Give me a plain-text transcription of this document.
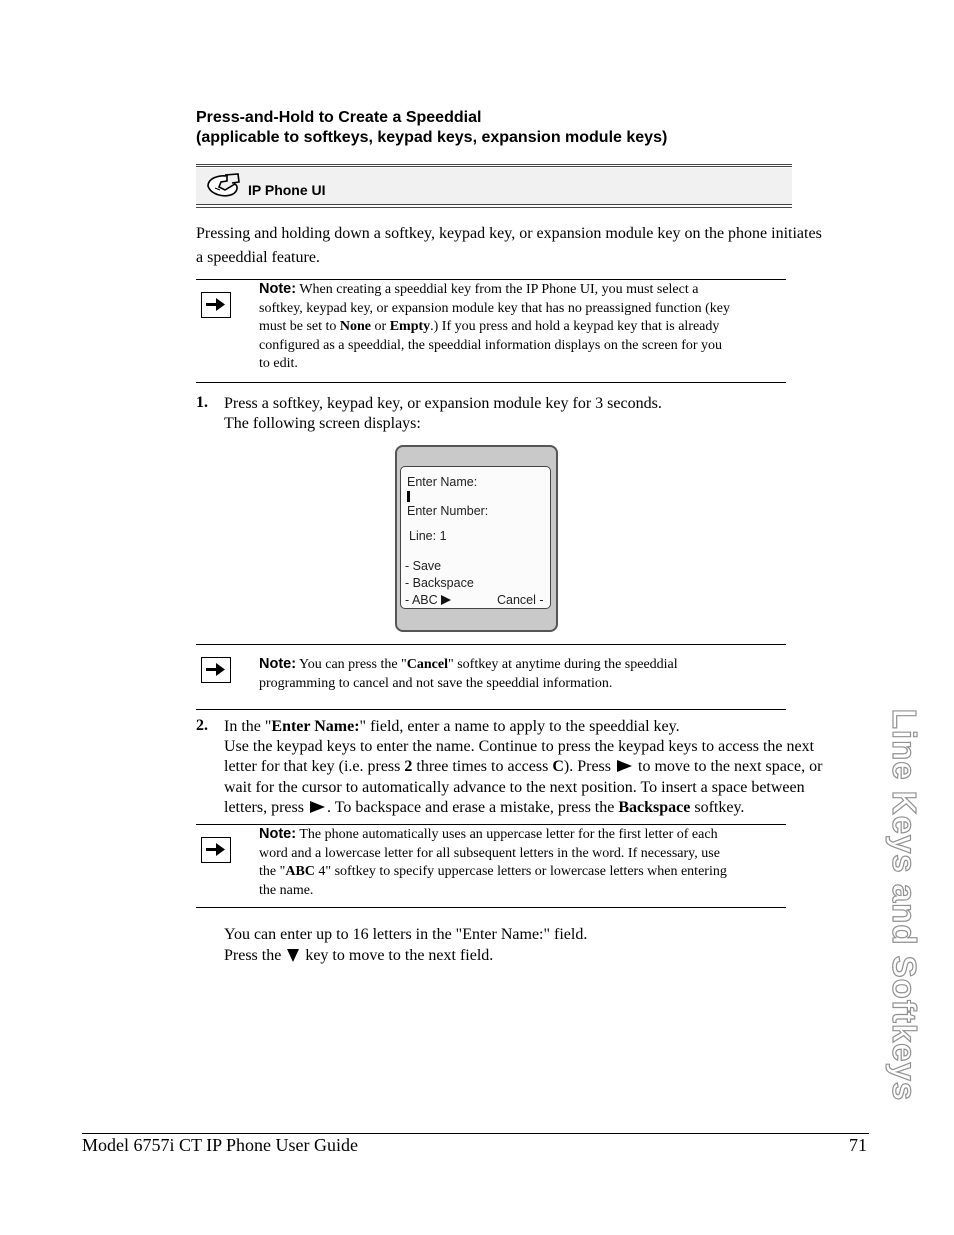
Press-and-Hold to Create a Speeddial
(applicable to softkeys, keypad keys, expansion module keys)
IP Phone UI
Pressing and holding down a softkey, keypad key, or expansion module key on the phone initiates
a speeddial feature.
Note: When creating a speeddial key from the IP Phone UI, you must select a
softkey, keypad key, or expansion module key that has no preassigned function (key
must be set to None or Empty.) If you press and hold a keypad key that is already
configured as a speeddial, the speeddial information displays on the screen for you
to edit.
1. Press a softkey, keypad key, or expansion module key for 3 seconds.
The following screen displays:
Enter Name:
Enter Number:
Line: 1
- Save
- Backspace
- ABC	Cancel -
Note: You can press the "Cancel" softkey at anytime during the speeddial
programming to cancel and not save the speeddial information.
2. In the "Enter Name:" field, enter a name to apply to the speeddial key.
Use the keypad keys to enter the name. Continue to press the keypad keys to access the next
letter for that key (i.e. press 2 three times to access C). Press  to move to the next space, or
wait for the cursor to automatically advance to the next position. To insert a space between
letters, press . To backspace and erase a mistake, press the Backspace softkey.
Note: The phone automatically uses an uppercase letter for the first letter of each
word and a lowercase letter for all subsequent letters in the word. If necessary, use
the "ABC 4" softkey to specify uppercase letters or lowercase letters when entering
the name.
You can enter up to 16 letters in the "Enter Name:" field.
Press the  key to move to the next field.	Line Keys and Softkeys
Model 6757i CT IP Phone User Guide	71
